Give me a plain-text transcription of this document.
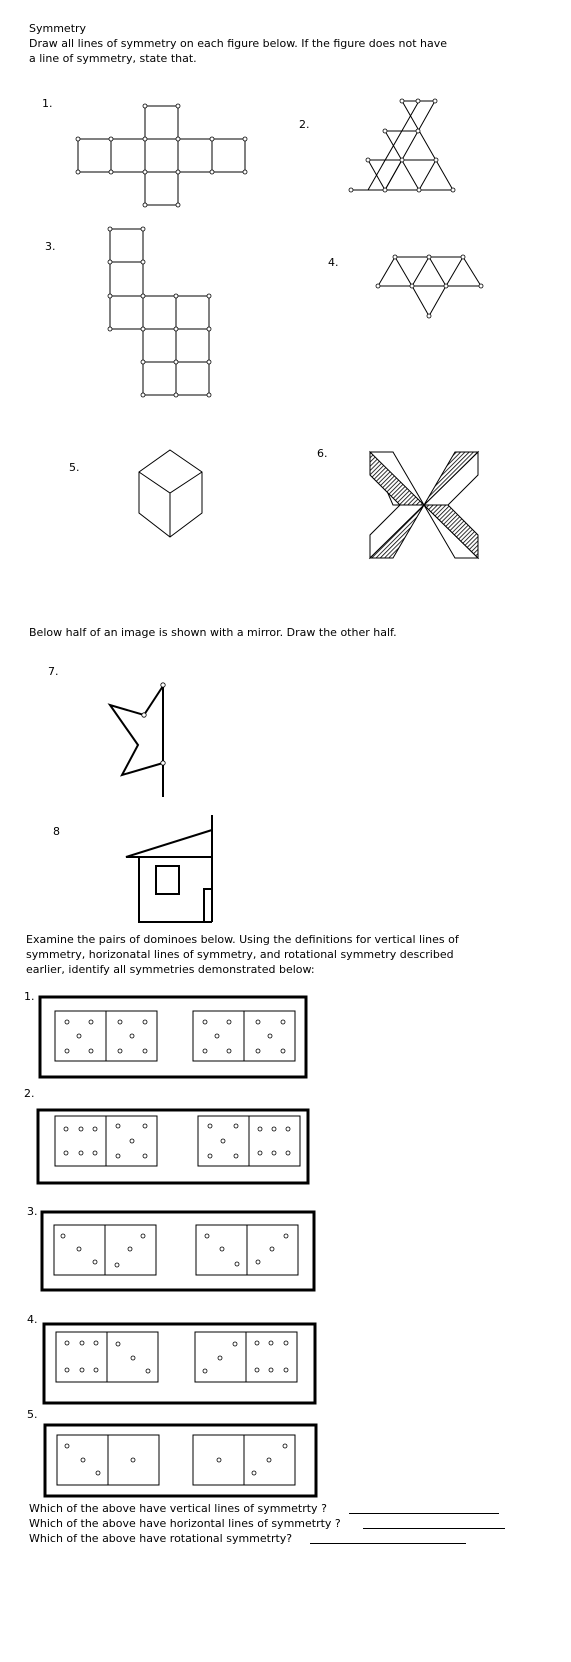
Symmetry
Draw all lines of symmetry on each figure below. If the figure does not have
a line of symmetry, state that.
1.
2.
3.
4.
5.
6.
Below half of an image is shown with a mirror. Draw the other half.
7.
8
Examine the pairs of dominoes below. Using the definitions for vertical lines of
symmetry, horizonatal lines of symmetry, and rotational symmetry described
earlier, identify all symmetries demonstrated below:
1.
2.
3.
4.
5.
Which of the above have vertical lines of symmetrty ?
Which of the above have horizontal lines of symmetrty ?
Which of the above have rotational symmetrty?
